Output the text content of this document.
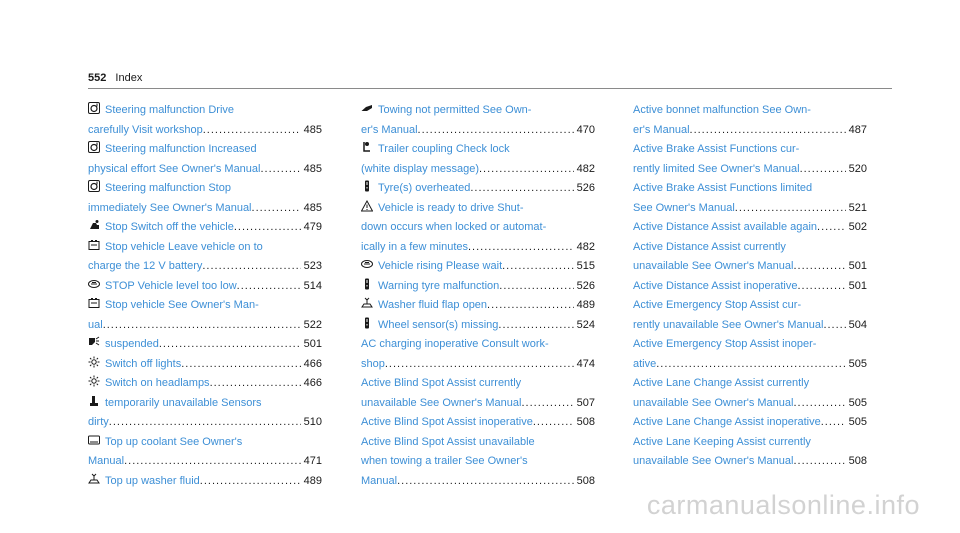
552 Index
Steering malfunction Drive
carefully Visit workshop .....	485
Steering malfunction Increased
physical effort See Owner's Manual .....	485
Steering malfunction Stop
immediately See Owner's Manual .....	485
Stop Switch off the vehicle .....	479
Stop vehicle Leave vehicle on to
charge the 12 V battery .....	523
STOP Vehicle level too low .....	514
Stop vehicle See Owner's Man-
ual .....	522
suspended .....	501
Switch off lights .....	466
Switch on headlamps .....	466
temporarily unavailable Sensors
dirty .....	510
Top up coolant See Owner's
Manual .....	471
Top up washer fluid .....	489
Towing not permitted See Own-
er's Manual .....	470
Trailer coupling Check lock
(white display message) .....	482
Tyre(s) overheated .....	526
Vehicle is ready to drive Shut-
down occurs when locked or automat-
ically in a few minutes .....	482
Vehicle rising Please wait .....	515
Warning tyre malfunction .....	526
Washer fluid flap open .....	489
Wheel sensor(s) missing .....	524
AC charging inoperative Consult work-
shop .....	474
Active Blind Spot Assist currently
unavailable See Owner's Manual .....	507
Active Blind Spot Assist inoperative .....	508
Active Blind Spot Assist unavailable
when towing a trailer See Owner's
Manual .....	508
Active bonnet malfunction See Own-
er's Manual .....	487
Active Brake Assist Functions cur-
rently limited See Owner's Manual .....	520
Active Brake Assist Functions limited
See Owner's Manual .....	521
Active Distance Assist available again .....	502
Active Distance Assist currently
unavailable See Owner's Manual .....	501
Active Distance Assist inoperative .....	501
Active Emergency Stop Assist cur-
rently unavailable See Owner's Manual ..... 504
Active Emergency Stop Assist inoper-
ative .....	505
Active Lane Change Assist currently
unavailable See Owner's Manual .....	505
Active Lane Change Assist inoperative .....	505
Active Lane Keeping Assist currently
unavailable See Owner's Manual .....	508
carmanualsonline.info
